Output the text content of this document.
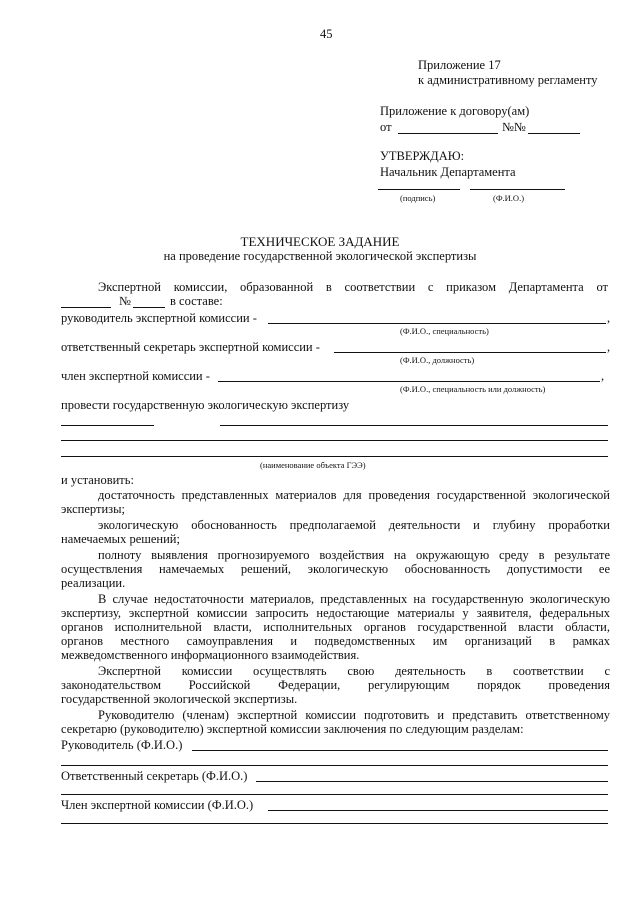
45
Приложение 17
к административному регламенту
Приложение к договору(ам)
от	№№
УТВЕРЖДАЮ:
Начальник Департамента
(подпись)	(Ф.И.О.)
ТЕХНИЧЕСКОЕ ЗАДАНИЕ
на проведение государственной экологической экспертизы
Экспертной комиссии, образованной в соответствии с приказом Департамента от
№	в составе:
руководитель экспертной комиссии -	,
(Ф.И.О., специальность)
ответственный секретарь экспертной комиссии -	,
(Ф.И.О., должность)
член экспертной комиссии -	,
(Ф.И.О., специальность или должность)
провести государственную экологическую экспертизу
(наименование объекта ГЭЭ)
и установить:
достаточность представленных материалов для проведения государственной экологической
экспертизы;
экологическую обоснованность предполагаемой деятельности и глубину проработки
намечаемых решений;
полноту выявления прогнозируемого воздействия на окружающую среду в результате
осуществления намечаемых решений, экологическую обоснованность допустимости ее
реализации.
В случае недостаточности материалов, представленных на государственную экологическую
экспертизу, экспертной комиссии запросить недостающие материалы у заявителя, федеральных
органов исполнительной власти, исполнительных органов государственной власти области,
органов местного самоуправления и подведомственных им организаций в рамках
межведомственного информационного взаимодействия.
Экспертной комиссии осуществлять свою деятельность в соответствии с
законодательством Российской Федерации, регулирующим порядок проведения
государственной экологической экспертизы.
Руководителю (членам) экспертной комиссии подготовить и представить ответственному
секретарю (руководителю) экспертной комиссии заключения по следующим разделам:
Руководитель (Ф.И.О.)
Ответственный секретарь (Ф.И.О.)
Член экспертной комиссии (Ф.И.О.)
